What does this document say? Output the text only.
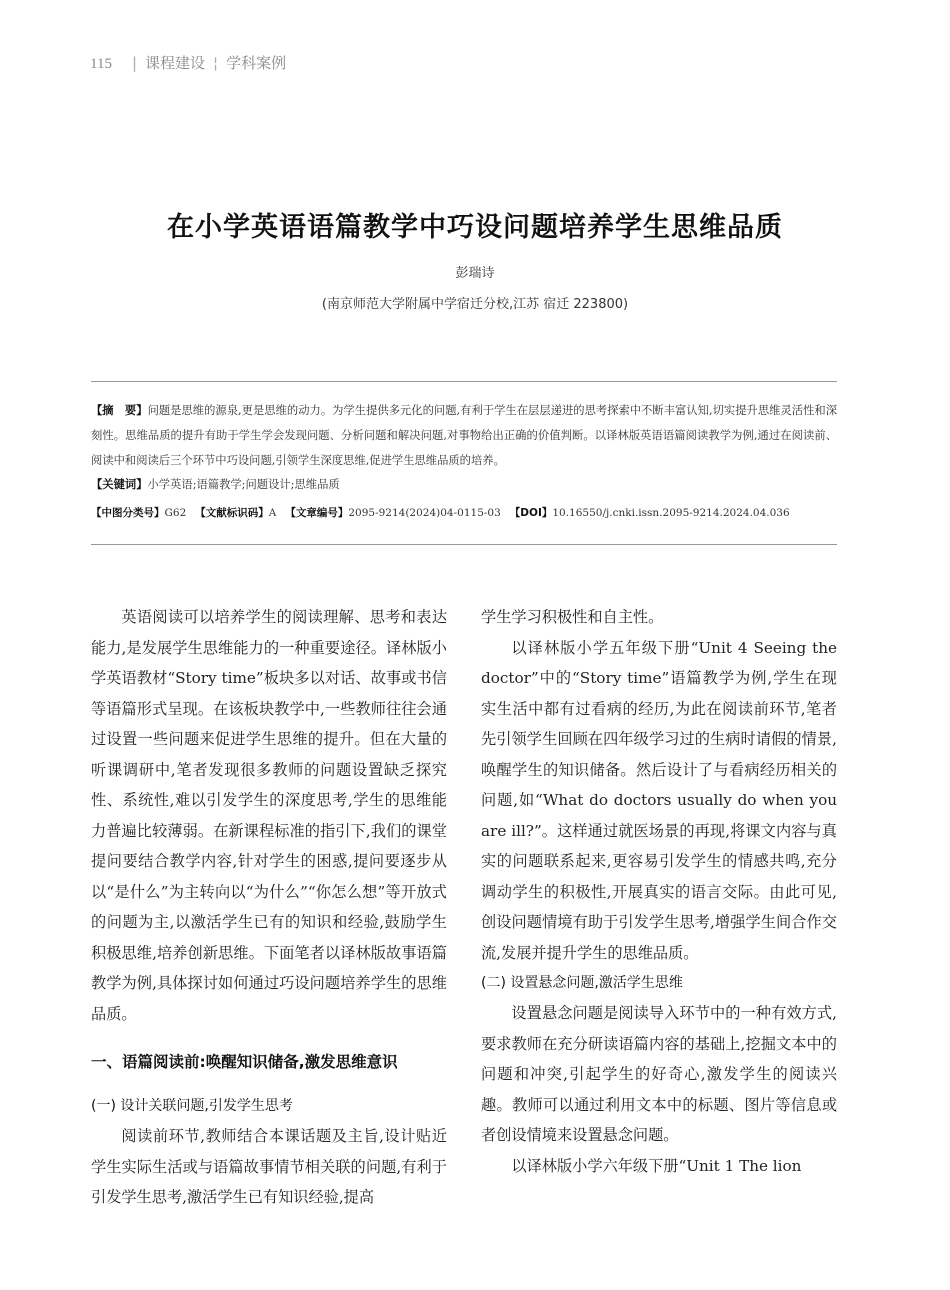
115 | 课程建设 ¦ 学科案例
在小学英语语篇教学中巧设问题培养学生思维品质
彭瑞诗
(南京师范大学附属中学宿迁分校,江苏 宿迁 223800)
【摘　要】问题是思维的源泉,更是思维的动力。为学生提供多元化的问题,有利于学生在层层递进的思考探索中不断丰富认知,切实提升思维灵活性和深刻性。思维品质的提升有助于学生学会发现问题、分析问题和解决问题,对事物给出正确的价值判断。以译林版英语语篇阅读教学为例,通过在阅读前、阅读中和阅读后三个环节中巧设问题,引领学生深度思维,促进学生思维品质的培养。
【关键词】小学英语;语篇教学;问题设计;思维品质
【中图分类号】G62 【文献标识码】A 【文章编号】2095-9214(2024)04-0115-03 【DOI】10.16550/j.cnki.issn.2095-9214.2024.04.036

英语阅读可以培养学生的阅读理解、思考和表达能力,是发展学生思维能力的一种重要途径。译林版小学英语教材“Story time”板块多以对话、故事或书信等语篇形式呈现。在该板块教学中,一些教师往往会通过设置一些问题来促进学生思维的提升。但在大量的听课调研中,笔者发现很多教师的问题设置缺乏探究性、系统性,难以引发学生的深度思考,学生的思维能力普遍比较薄弱。在新课程标准的指引下,我们的课堂提问要结合教学内容,针对学生的困惑,提问要逐步从以“是什么”为主转向以“为什么”“你怎么想”等开放式的问题为主,以激活学生已有的知识和经验,鼓励学生积极思维,培养创新思维。下面笔者以译林版故事语篇教学为例,具体探讨如何通过巧设问题培养学生的思维品质。

一、语篇阅读前:唤醒知识储备,激发思维意识
(一) 设计关联问题,引发学生思考

阅读前环节,教师结合本课话题及主旨,设计贴近学生实际生活或与语篇故事情节相关联的问题,有利于引发学生思考,激活学生已有知识经验,提高

学生学习积极性和自主性。

以译林版小学五年级下册“Unit 4 Seeing the doctor”中的“Story time”语篇教学为例,学生在现实生活中都有过看病的经历,为此在阅读前环节,笔者先引领学生回顾在四年级学习过的生病时请假的情景,唤醒学生的知识储备。然后设计了与看病经历相关的问题,如“What do doctors usually do when you are ill?”。这样通过就医场景的再现,将课文内容与真实的问题联系起来,更容易引发学生的情感共鸣,充分调动学生的积极性,开展真实的语言交际。由此可见,创设问题情境有助于引发学生思考,增强学生间合作交流,发展并提升学生的思维品质。

(二) 设置悬念问题,激活学生思维

设置悬念问题是阅读导入环节中的一种有效方式,要求教师在充分研读语篇内容的基础上,挖掘文本中的问题和冲突,引起学生的好奇心,激发学生的阅读兴趣。教师可以通过利用文本中的标题、图片等信息或者创设情境来设置悬念问题。

以译林版小学六年级下册“Unit 1 The lion
